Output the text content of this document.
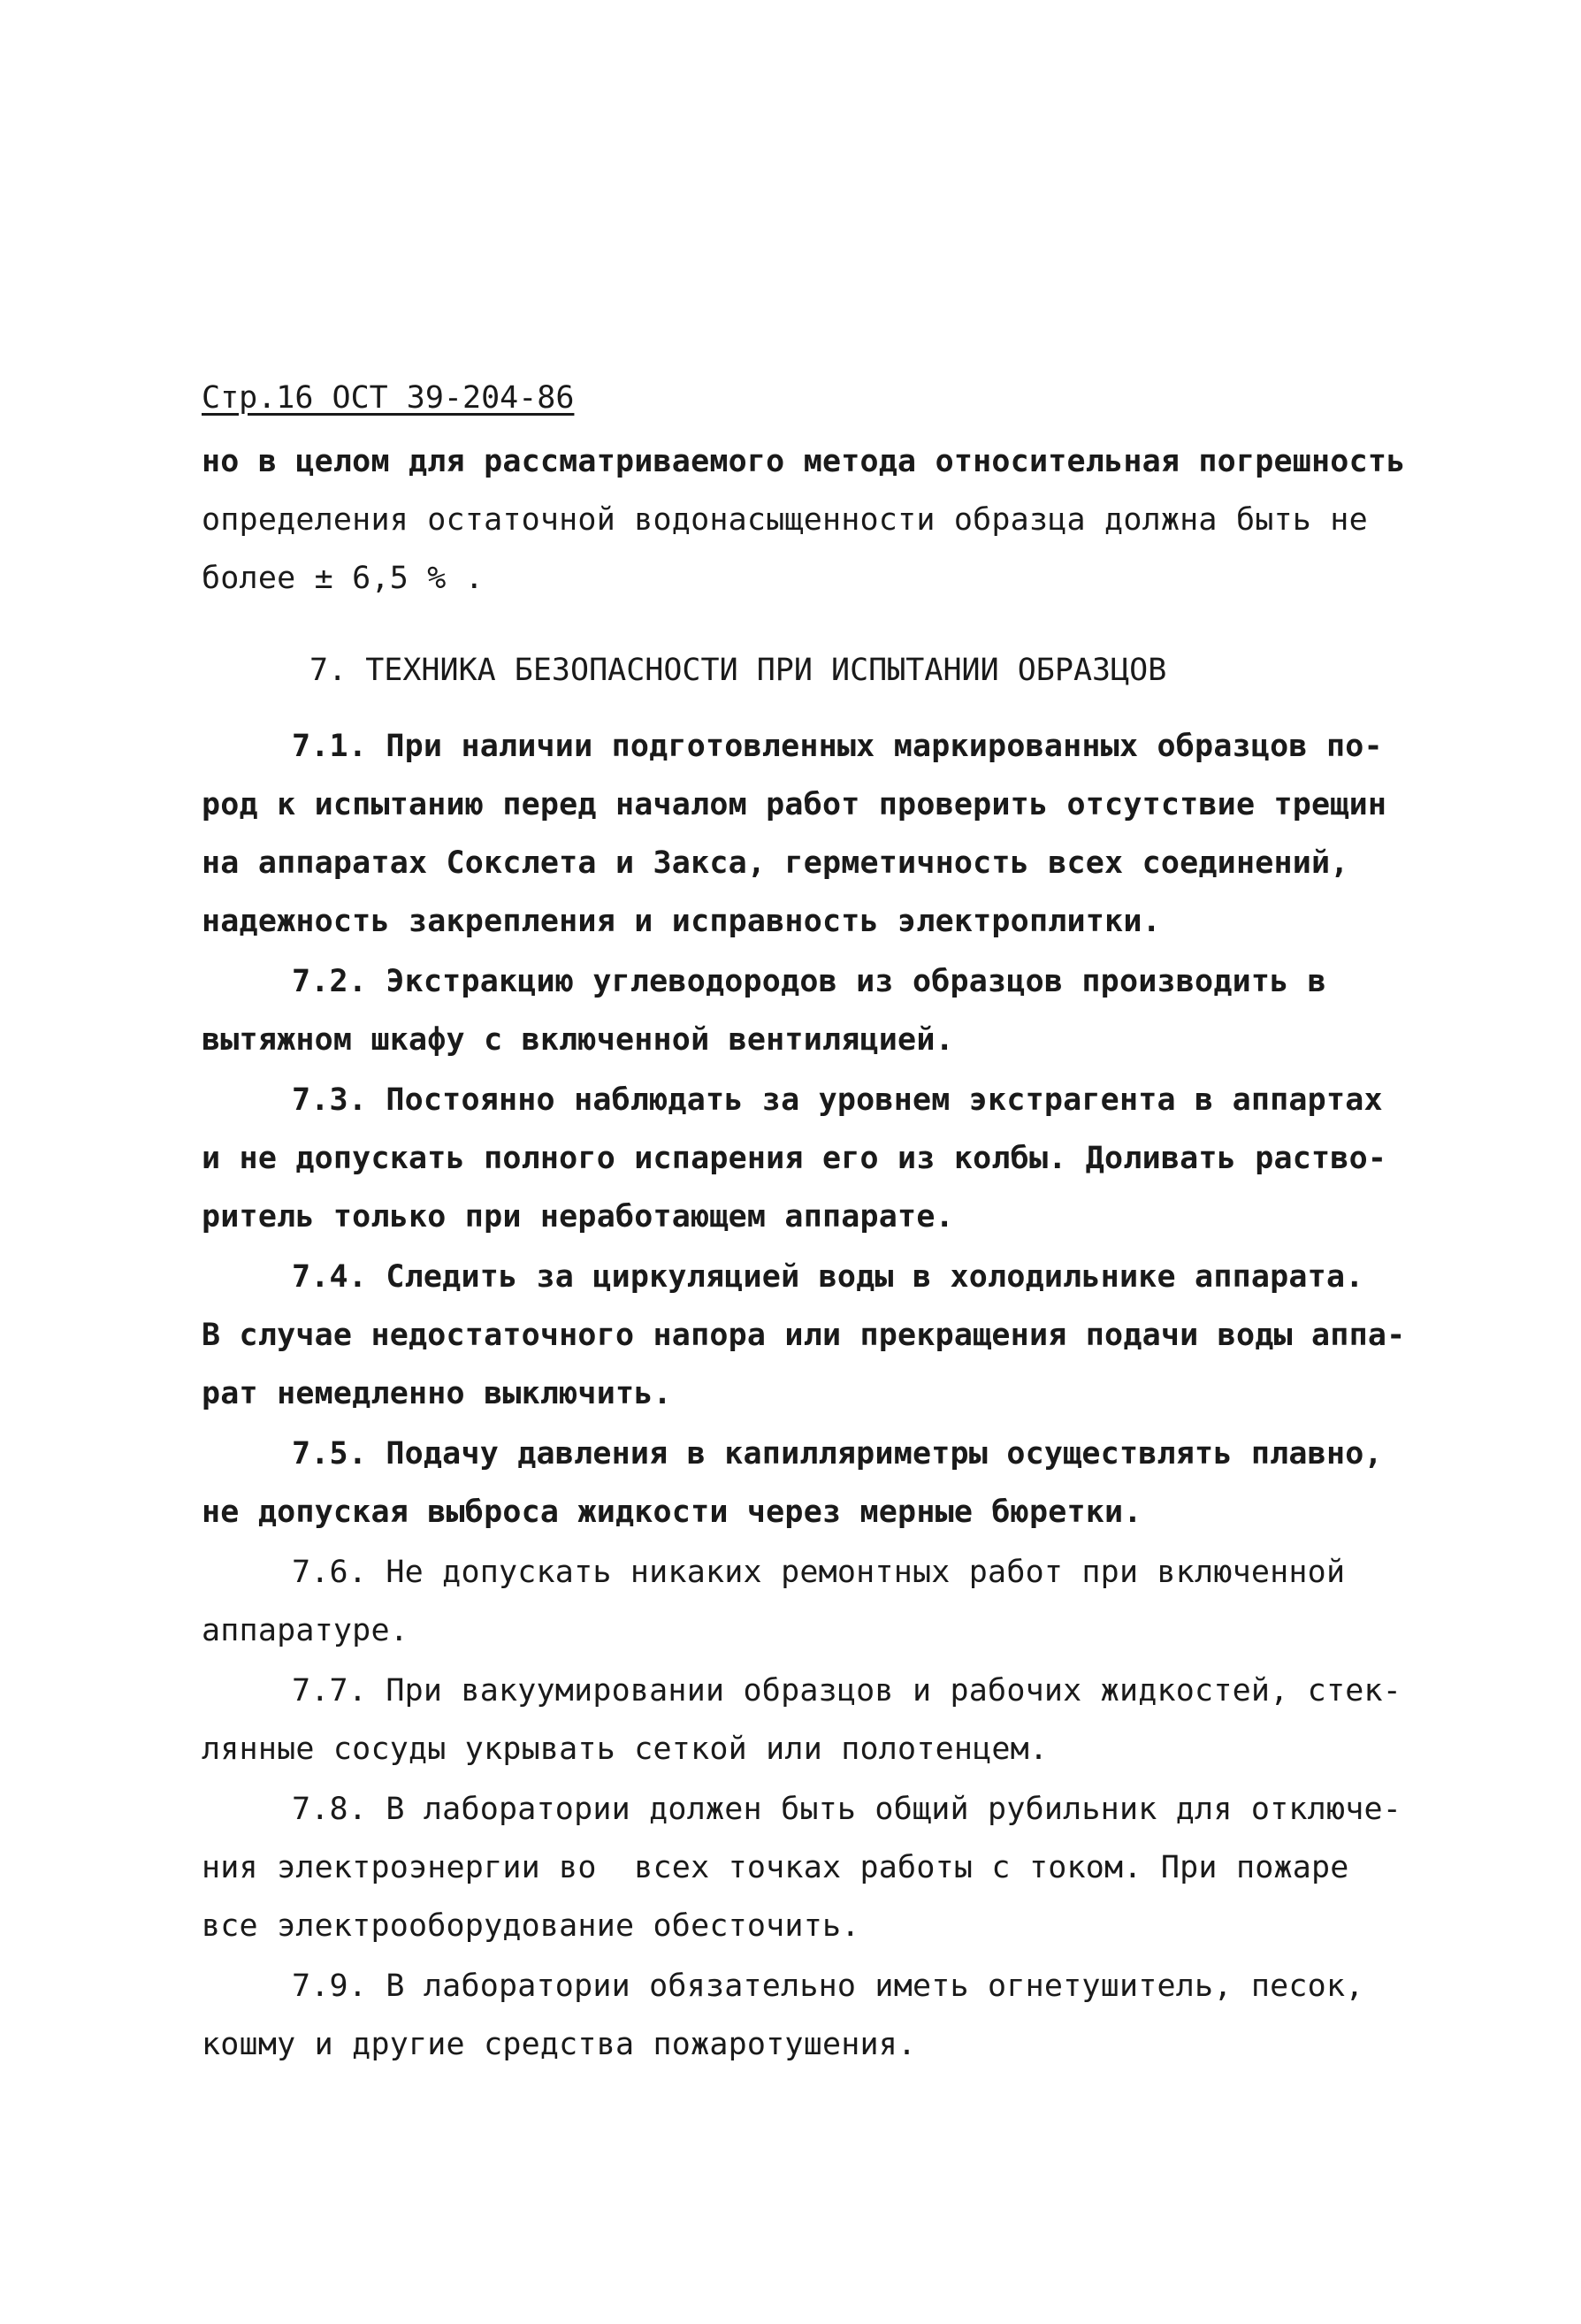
Стр.16 ОСТ 39-204-86
но в целом для рассматриваемого метода относительная погрешность
определения остаточной водонасыщенности образца должна быть не
более ± 6,5 % .
7. ТЕХНИКА БЕЗОПАСНОСТИ ПРИ ИСПЫТАНИИ ОБРАЗЦОВ
7.1. При наличии подготовленных маркированных образцов по-
род к испытанию перед началом работ проверить отсутствие трещин
на аппаратах Сокслета и Закса, герметичность всех соединений,
надежность закрепления и исправность электроплитки.
7.2. Экстракцию углеводородов из образцов производить в
вытяжном шкафу с включенной вентиляцией.
7.3. Постоянно наблюдать за уровнем экстрагента в аппартах
и не допускать полного испарения его из колбы. Доливать раство-
ритель только при неработающем аппарате.
7.4. Следить за циркуляцией воды в холодильнике аппарата.
В случае недостаточного напора или прекращения подачи воды аппа-
рат немедленно выключить.
7.5. Подачу давления в капилляриметры осуществлять плавно,
не допуская выброса жидкости через мерные бюретки.
7.6. Не допускать никаких ремонтных работ при включенной
аппаратуре.
7.7. При вакуумировании образцов и рабочих жидкостей, стек-
лянные сосуды укрывать сеткой или полотенцем.
7.8. В лаборатории должен быть общий рубильник для отключе-
ния электроэнергии во  всех точках работы с током. При пожаре
все электрооборудование обесточить.
7.9. В лаборатории обязательно иметь огнетушитель, песок,
кошму и другие средства пожаротушения.
